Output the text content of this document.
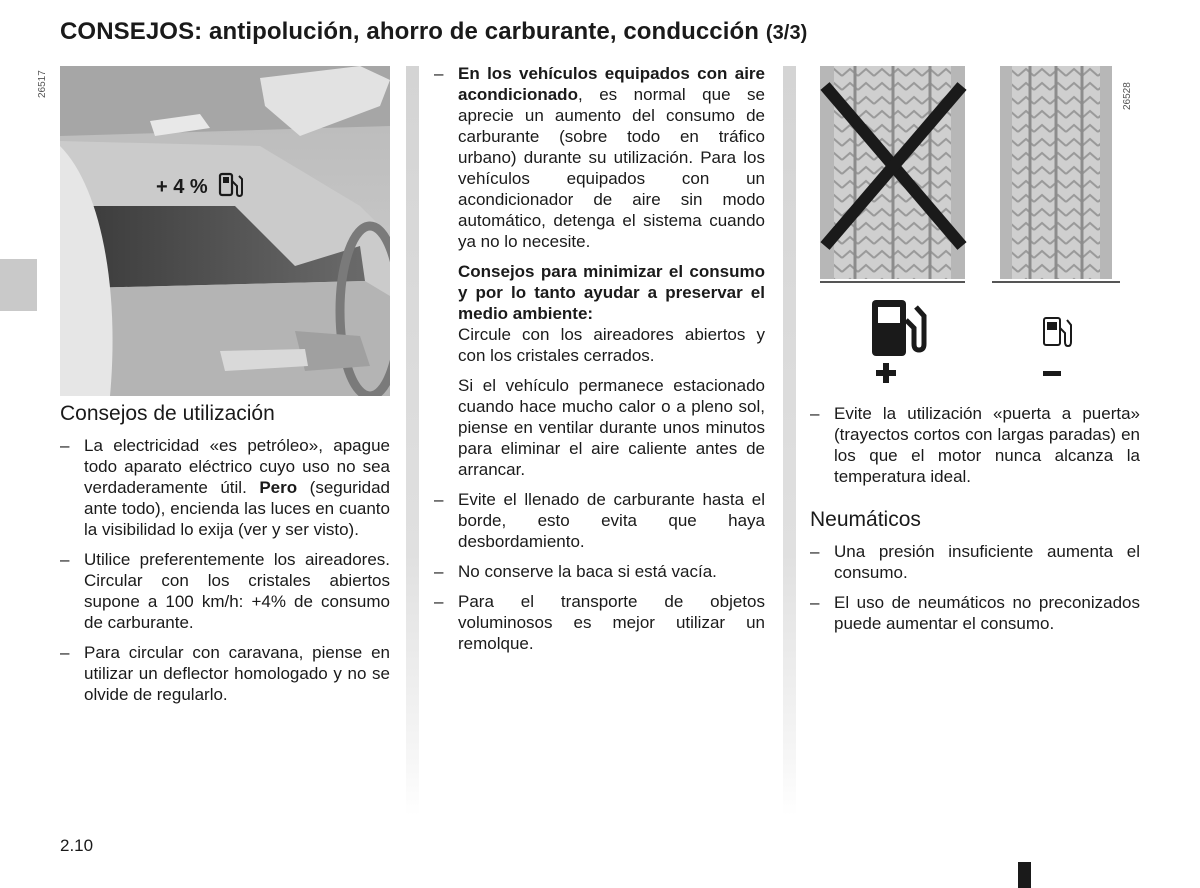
CONSEJOS: antipolución, ahorro de carburante, conducción (3/3)
+ 4 %
26517
Consejos de utilización
– La electricidad «es petróleo», apague todo aparato eléctrico cuyo uso no sea verdaderamente útil. Pero (seguridad ante todo), encienda las luces en cuanto la visibilidad lo exija (ver y ser visto).
– Utilice preferentemente los aireadores. Circular con los cristales abiertos supone a 100 km/h: +4% de consumo de carburante.
– Para circular con caravana, piense en utilizar un deflector homologado y no se olvide de regularlo.
– En los vehículos equipados con aire acondicionado, es normal que se aprecie un aumento del consumo de carburante (sobre todo en tráfico urbano) durante su utilización. Para los vehículos equipados con un acondicionador de aire sin modo automático, detenga el sistema cuando ya no lo necesite.

Consejos para minimizar el consumo y por lo tanto ayudar a preservar el medio ambiente:
Circule con los aireadores abiertos y con los cristales cerrados.

Si el vehículo permanece estacionado cuando hace mucho calor o a pleno sol, piense en ventilar durante unos minutos para eliminar el aire caliente antes de arrancar.

– Evite el llenado de carburante hasta el borde, esto evita que haya desbordamiento.
– No conserve la baca si está vacía.
– Para el transporte de objetos voluminosos es mejor utilizar un remolque.
26528
– Evite la utilización «puerta a puerta» (trayectos cortos con largas paradas) en los que el motor nunca alcanza la temperatura ideal.
Neumáticos
– Una presión insuficiente aumenta el consumo.
– El uso de neumáticos no preconizados puede aumentar el consumo.
2.10
